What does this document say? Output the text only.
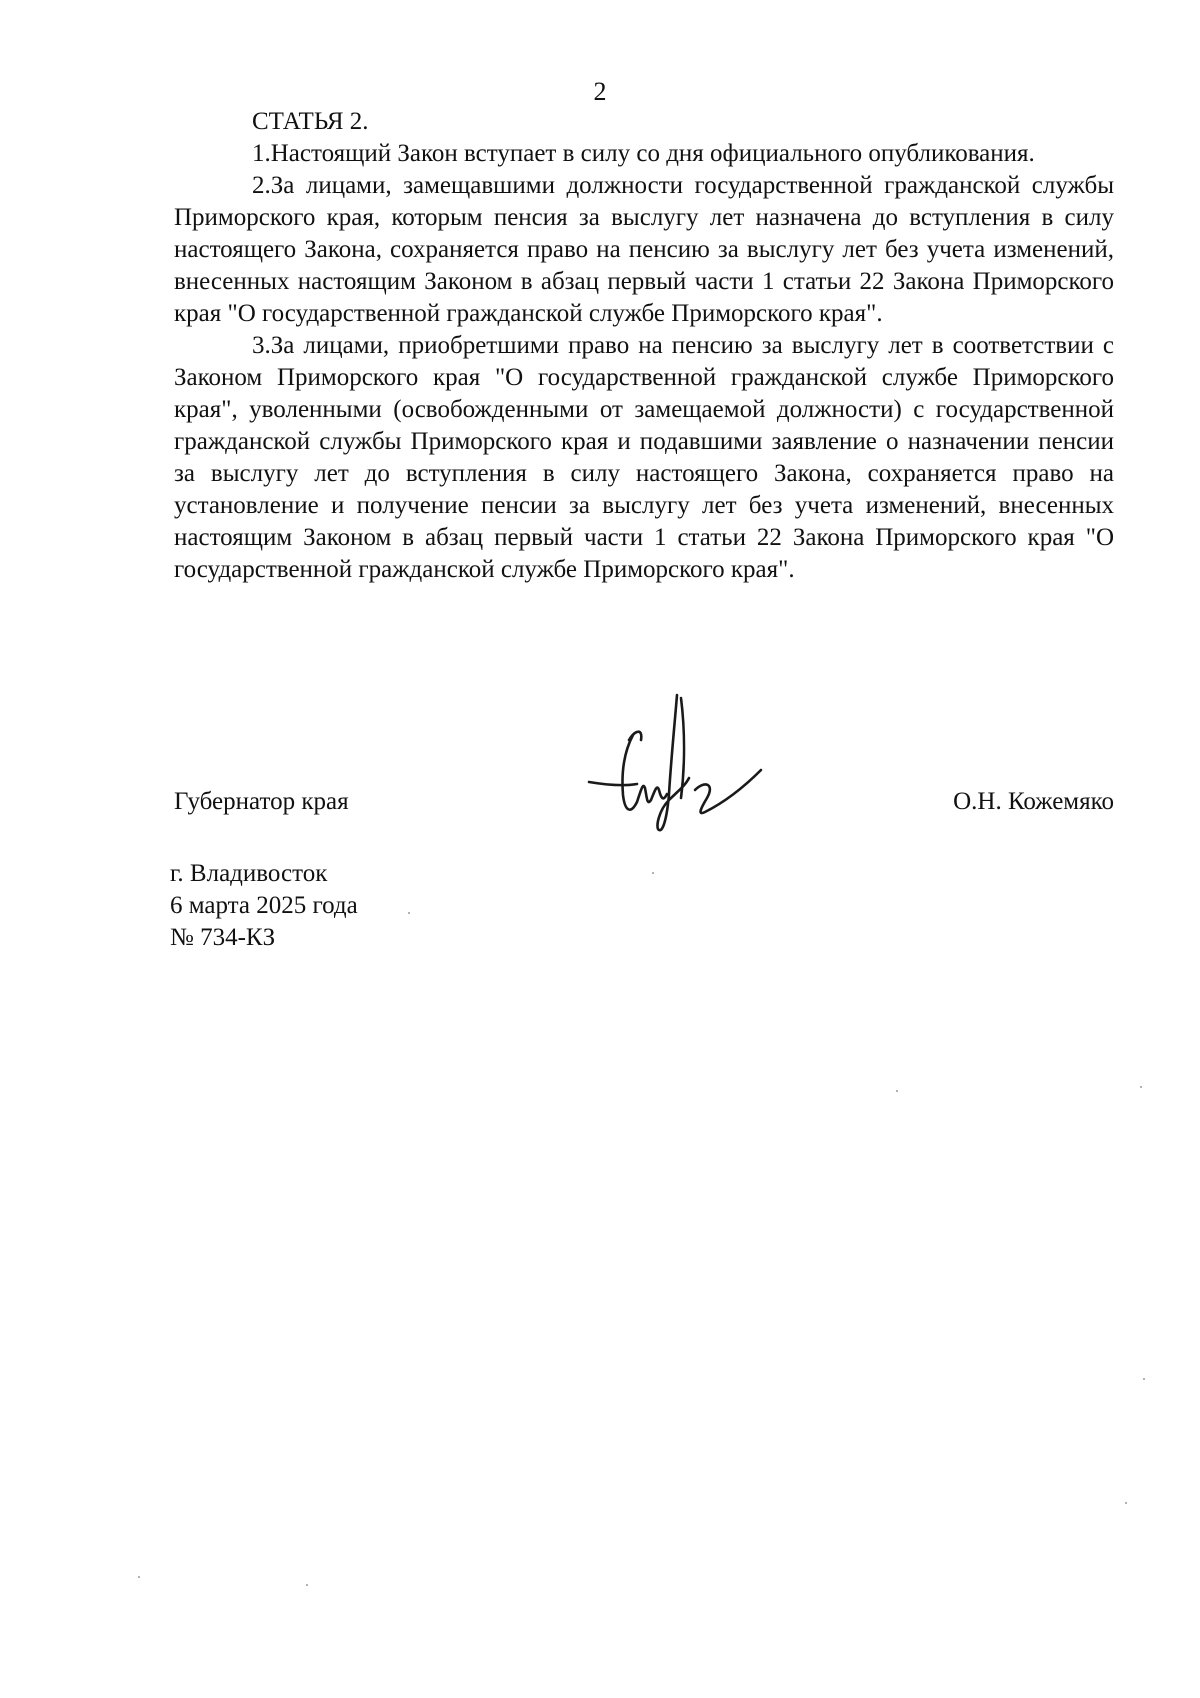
2
СТАТЬЯ 2.

1.Настоящий Закон вступает в силу со дня официального опубликования.

2.За лицами, замещавшими должности государственной гражданской службы Приморского края, которым пенсия за выслугу лет назначена до вступления в силу настоящего Закона, сохраняется право на пенсию за выслугу лет без учета изменений, внесенных настоящим Законом в абзац первый части 1 статьи 22 Закона Приморского края "О государственной гражданской службе Приморского края".

3.За лицами, приобретшими право на пенсию за выслугу лет в соответствии с Законом Приморского края "О государственной гражданской службе Приморского края", уволенными (освобожденными от замещаемой должности) с государственной гражданской службы Приморского края и подавшими заявление о назначении пенсии за выслугу лет до вступления в силу настоящего Закона, сохраняется право на установление и получение пенсии за выслугу лет без учета изменений, внесенных настоящим Законом в абзац первый части 1 статьи 22 Закона Приморского края "О государственной гражданской службе Приморского края".

Губернатор края	О.Н. Кожемяко
г. Владивосток
6 марта 2025 года
№ 734-КЗ
